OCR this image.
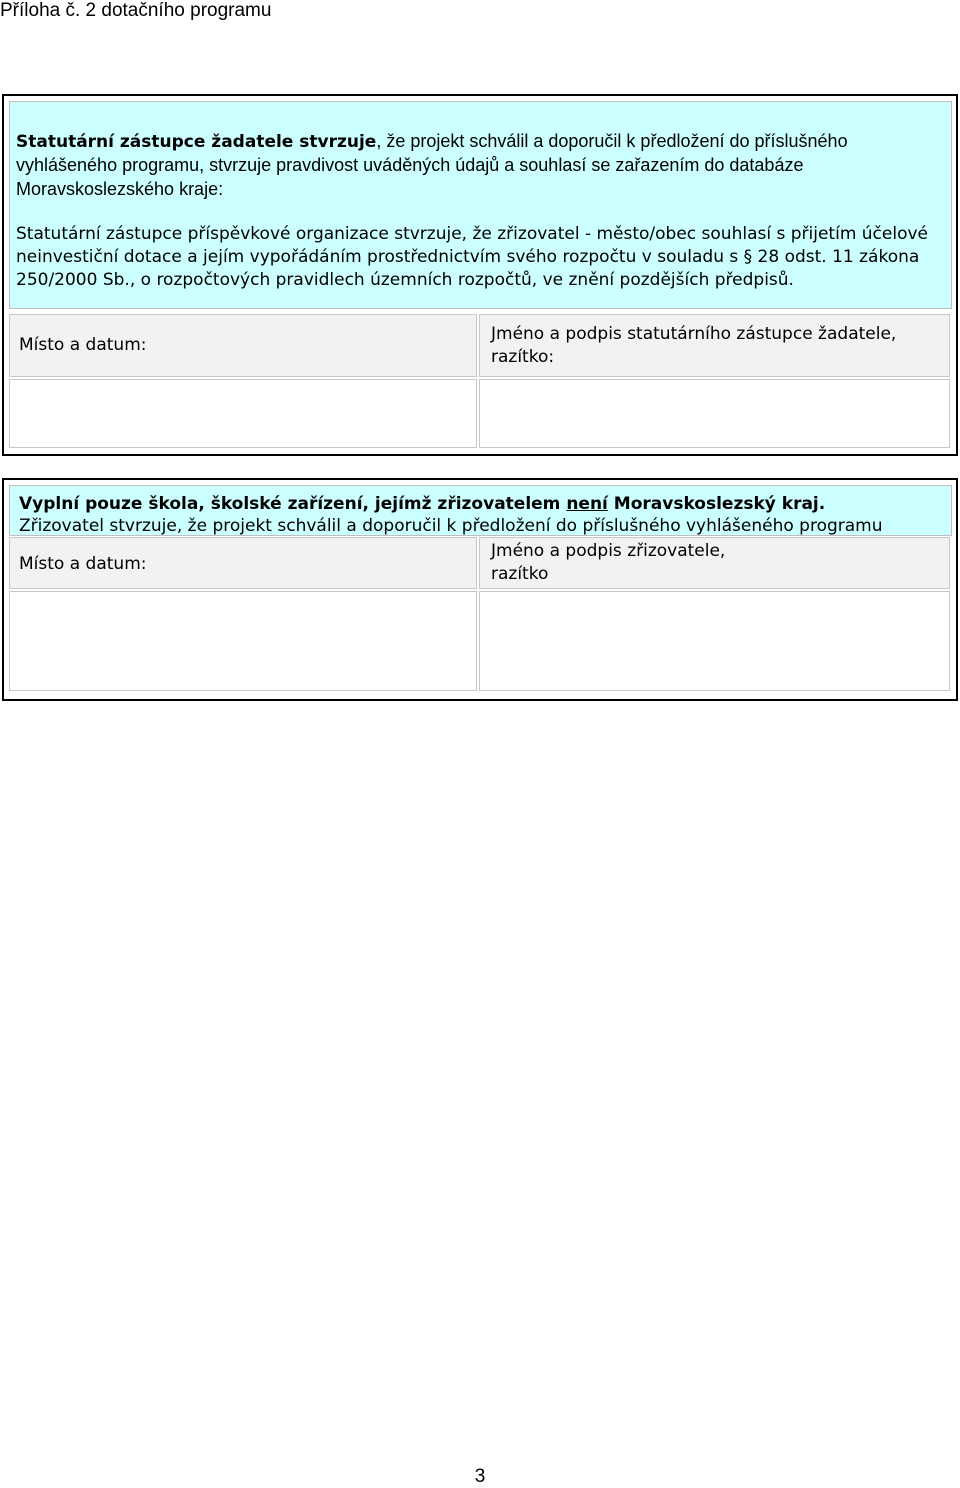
Příloha č. 2 dotačního programu
Statutární zástupce žadatele stvrzuje, že projekt schválil a doporučil k předložení do příslušného vyhlášeného programu, stvrzuje pravdivost uváděných údajů a souhlasí se zařazením do databáze Moravskoslezského kraje:
Statutární zástupce příspěvkové organizace stvrzuje, že zřizovatel - město/obec souhlasí s přijetím účelové neinvestiční dotace a jejím vypořádáním prostřednictvím svého rozpočtu v souladu s § 28 odst. 11 zákona 250/2000 Sb., o rozpočtových pravidlech územních rozpočtů, ve znění pozdějších předpisů.
Místo a datum:
Jméno a podpis statutárního zástupce žadatele, razítko:
Vyplní pouze škola, školské zařízení, jejímž zřizovatelem není Moravskoslezský kraj.
Zřizovatel stvrzuje, že projekt schválil a doporučil k předložení do příslušného vyhlášeného programu
Místo a datum:
Jméno a podpis zřizovatele, razítko
3
